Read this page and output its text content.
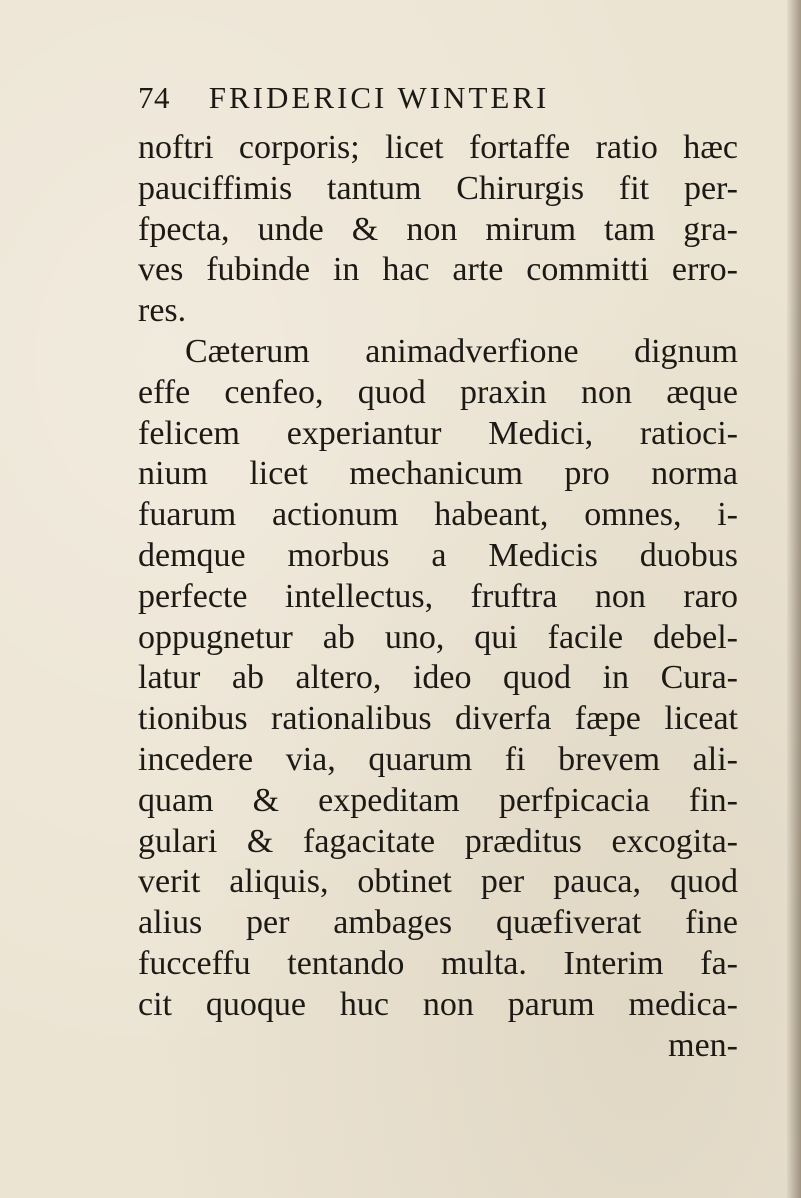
74 FRIDERICI WINTERI
noftri corporis; licet fortaffe ratio hæc
pauciffimis tantum Chirurgis fit per-
fpecta, unde & non mirum tam gra-
ves fubinde in hac arte committi erro-
res.
Cæterum animadverfione dignum
effe cenfeo, quod praxin non æque
felicem experiantur Medici, ratioci-
nium licet mechanicum pro norma
fuarum actionum habeant, omnes, i-
demque morbus a Medicis duobus
perfecte intellectus, fruftra non raro
oppugnetur ab uno, qui facile debel-
latur ab altero, ideo quod in Cura-
tionibus rationalibus diverfa fæpe liceat
incedere via, quarum fi brevem ali-
quam & expeditam perfpicacia fin-
gulari & fagacitate præditus excogita-
verit aliquis, obtinet per pauca, quod
alius per ambages quæfiverat fine
fucceffu tentando multa. Interim fa-
cit quoque huc non parum medica-
men-
